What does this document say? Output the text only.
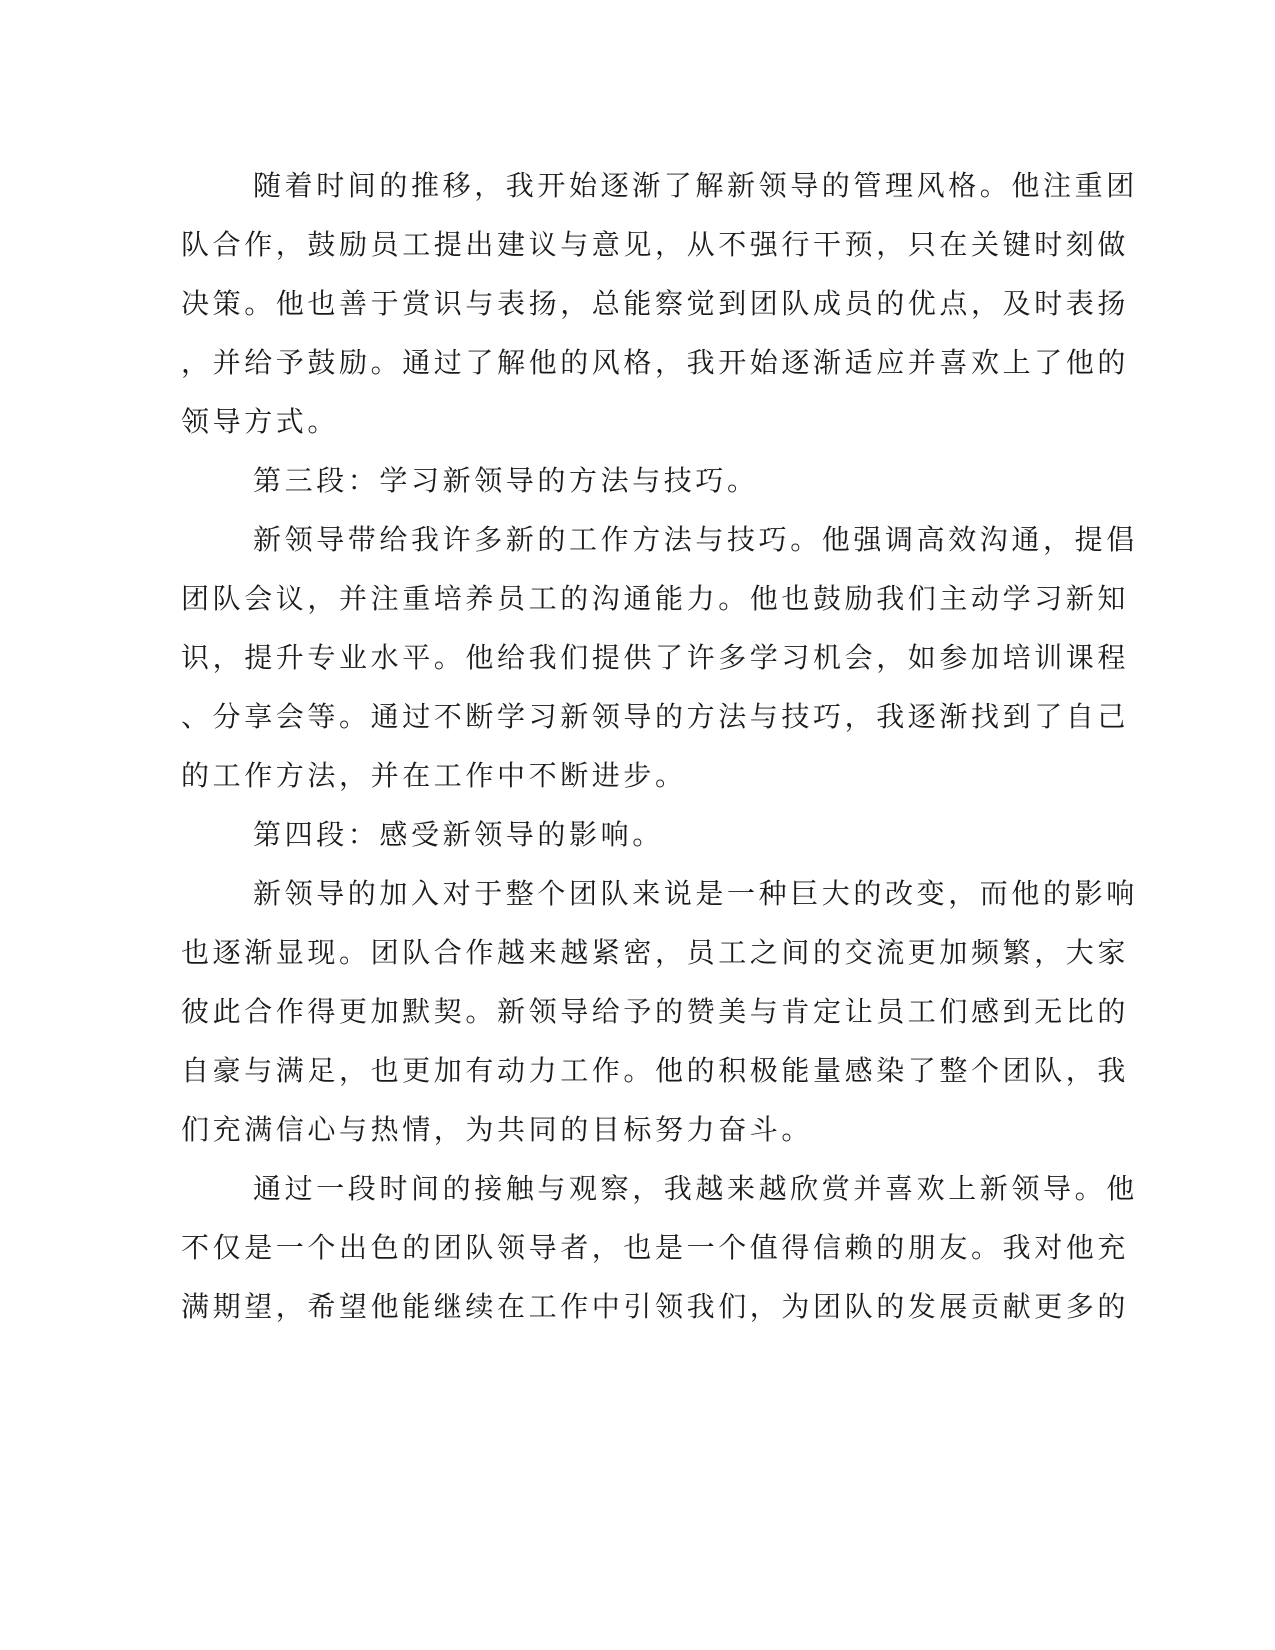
随着时间的推移，我开始逐渐了解新领导的管理风格。他注重团
队合作，鼓励员工提出建议与意见，从不强行干预，只在关键时刻做
决策。他也善于赏识与表扬，总能察觉到团队成员的优点，及时表扬
，并给予鼓励。通过了解他的风格，我开始逐渐适应并喜欢上了他的
领导方式。
第三段：学习新领导的方法与技巧。
新领导带给我许多新的工作方法与技巧。他强调高效沟通，提倡
团队会议，并注重培养员工的沟通能力。他也鼓励我们主动学习新知
识，提升专业水平。他给我们提供了许多学习机会，如参加培训课程
、分享会等。通过不断学习新领导的方法与技巧，我逐渐找到了自己
的工作方法，并在工作中不断进步。
第四段：感受新领导的影响。
新领导的加入对于整个团队来说是一种巨大的改变，而他的影响
也逐渐显现。团队合作越来越紧密，员工之间的交流更加频繁，大家
彼此合作得更加默契。新领导给予的赞美与肯定让员工们感到无比的
自豪与满足，也更加有动力工作。他的积极能量感染了整个团队，我
们充满信心与热情，为共同的目标努力奋斗。
通过一段时间的接触与观察，我越来越欣赏并喜欢上新领导。他
不仅是一个出色的团队领导者，也是一个值得信赖的朋友。我对他充
满期望，希望他能继续在工作中引领我们，为团队的发展贡献更多的
